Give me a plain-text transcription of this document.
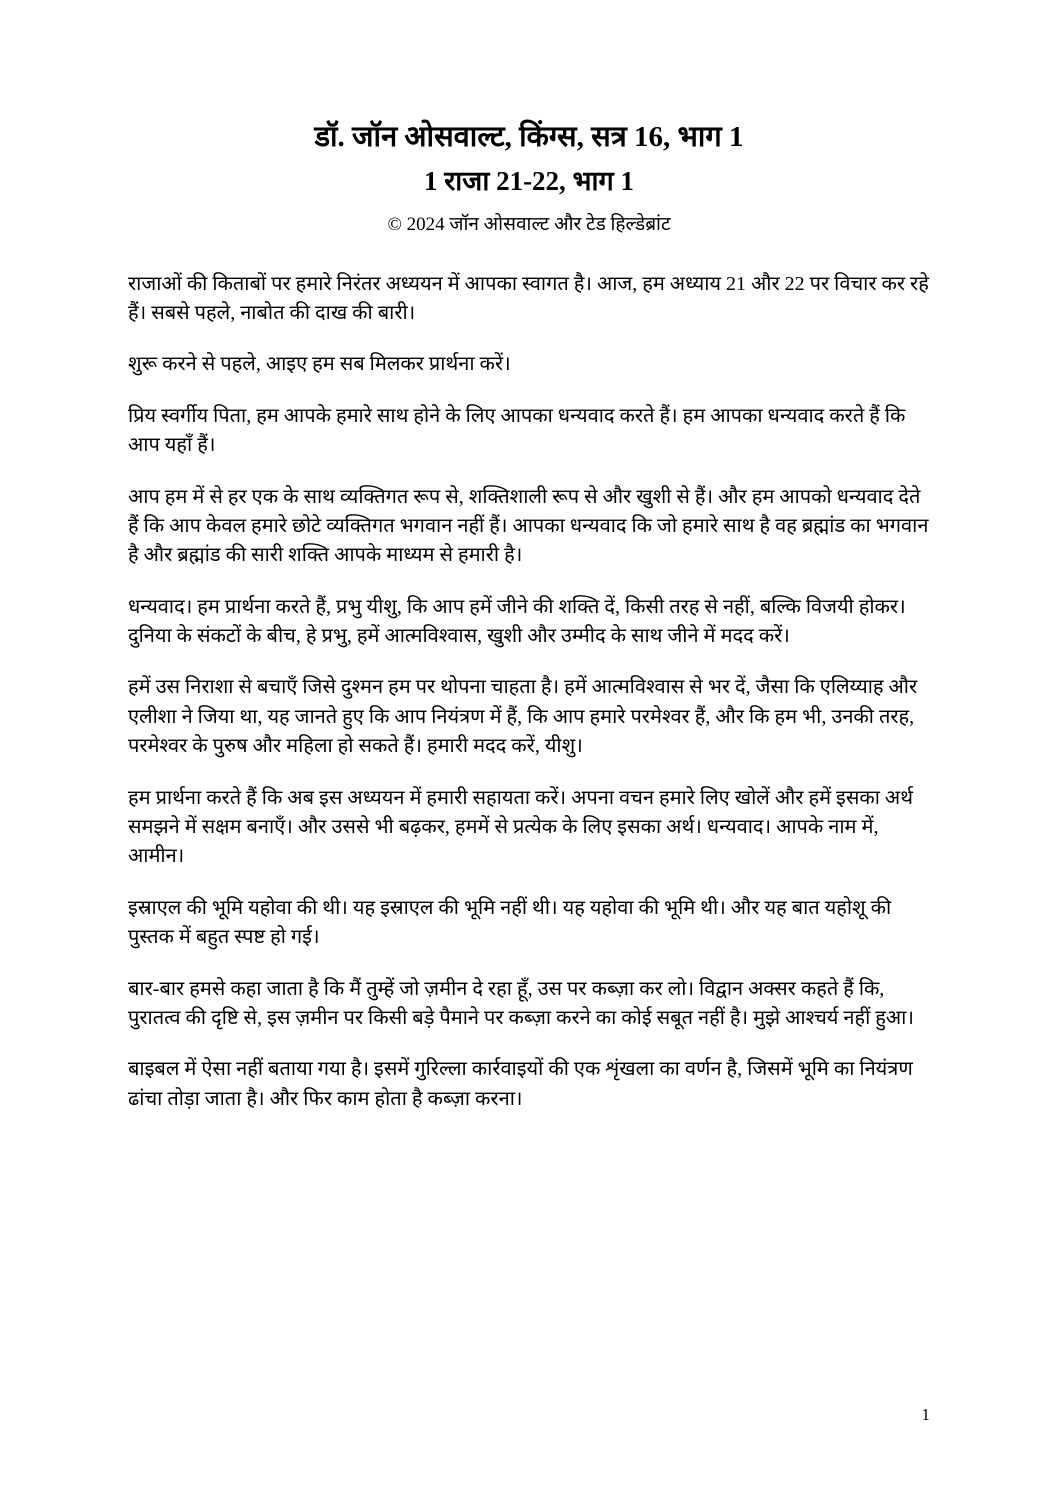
डॉ. जॉन ओसवाल्ट, किंग्स, सत्र 16, भाग 1
1 राजा 21-22, भाग 1
© 2024 जॉन ओसवाल्ट और टेड हिल्डेब्रांट

राजाओं की किताबों पर हमारे निरंतर अध्ययन में आपका स्वागत है। आज, हम अध्याय 21 और 22 पर विचार कर रहे हैं। सबसे पहले, नाबोत की दाख की बारी।

शुरू करने से पहले, आइए हम सब मिलकर प्रार्थना करें।

प्रिय स्वर्गीय पिता, हम आपके हमारे साथ होने के लिए आपका धन्यवाद करते हैं। हम आपका धन्यवाद करते हैं कि आप यहाँ हैं।

आप हम में से हर एक के साथ व्यक्तिगत रूप से, शक्तिशाली रूप से और खुशी से हैं। और हम आपको धन्यवाद देते हैं कि आप केवल हमारे छोटे व्यक्तिगत भगवान नहीं हैं। आपका धन्यवाद कि जो हमारे साथ है वह ब्रह्मांड का भगवान है और ब्रह्मांड की सारी शक्ति आपके माध्यम से हमारी है।

धन्यवाद। हम प्रार्थना करते हैं, प्रभु यीशु, कि आप हमें जीने की शक्ति दें, किसी तरह से नहीं, बल्कि विजयी होकर। दुनिया के संकटों के बीच, हे प्रभु, हमें आत्मविश्वास, खुशी और उम्मीद के साथ जीने में मदद करें।

हमें उस निराशा से बचाएँ जिसे दुश्मन हम पर थोपना चाहता है। हमें आत्मविश्वास से भर दें, जैसा कि एलिय्याह और एलीशा ने जिया था, यह जानते हुए कि आप नियंत्रण में हैं, कि आप हमारे परमेश्वर हैं, और कि हम भी, उनकी तरह, परमेश्वर के पुरुष और महिला हो सकते हैं। हमारी मदद करें, यीशु।

हम प्रार्थना करते हैं कि अब इस अध्ययन में हमारी सहायता करें। अपना वचन हमारे लिए खोलें और हमें इसका अर्थ समझने में सक्षम बनाएँ। और उससे भी बढ़कर, हममें से प्रत्येक के लिए इसका अर्थ। धन्यवाद। आपके नाम में, आमीन।

इस्राएल की भूमि यहोवा की थी। यह इस्राएल की भूमि नहीं थी। यह यहोवा की भूमि थी। और यह बात यहोशू की पुस्तक में बहुत स्पष्ट हो गई।

बार-बार हमसे कहा जाता है कि मैं तुम्हें जो ज़मीन दे रहा हूँ, उस पर कब्ज़ा कर लो। विद्वान अक्सर कहते हैं कि, पुरातत्व की दृष्टि से, इस ज़मीन पर किसी बड़े पैमाने पर कब्ज़ा करने का कोई सबूत नहीं है। मुझे आश्चर्य नहीं हुआ।

बाइबल में ऐसा नहीं बताया गया है। इसमें गुरिल्ला कार्रवाइयों की एक शृंखला का वर्णन है, जिसमें भूमि का नियंत्रण ढांचा तोड़ा जाता है। और फिर काम होता है कब्ज़ा करना।

1
